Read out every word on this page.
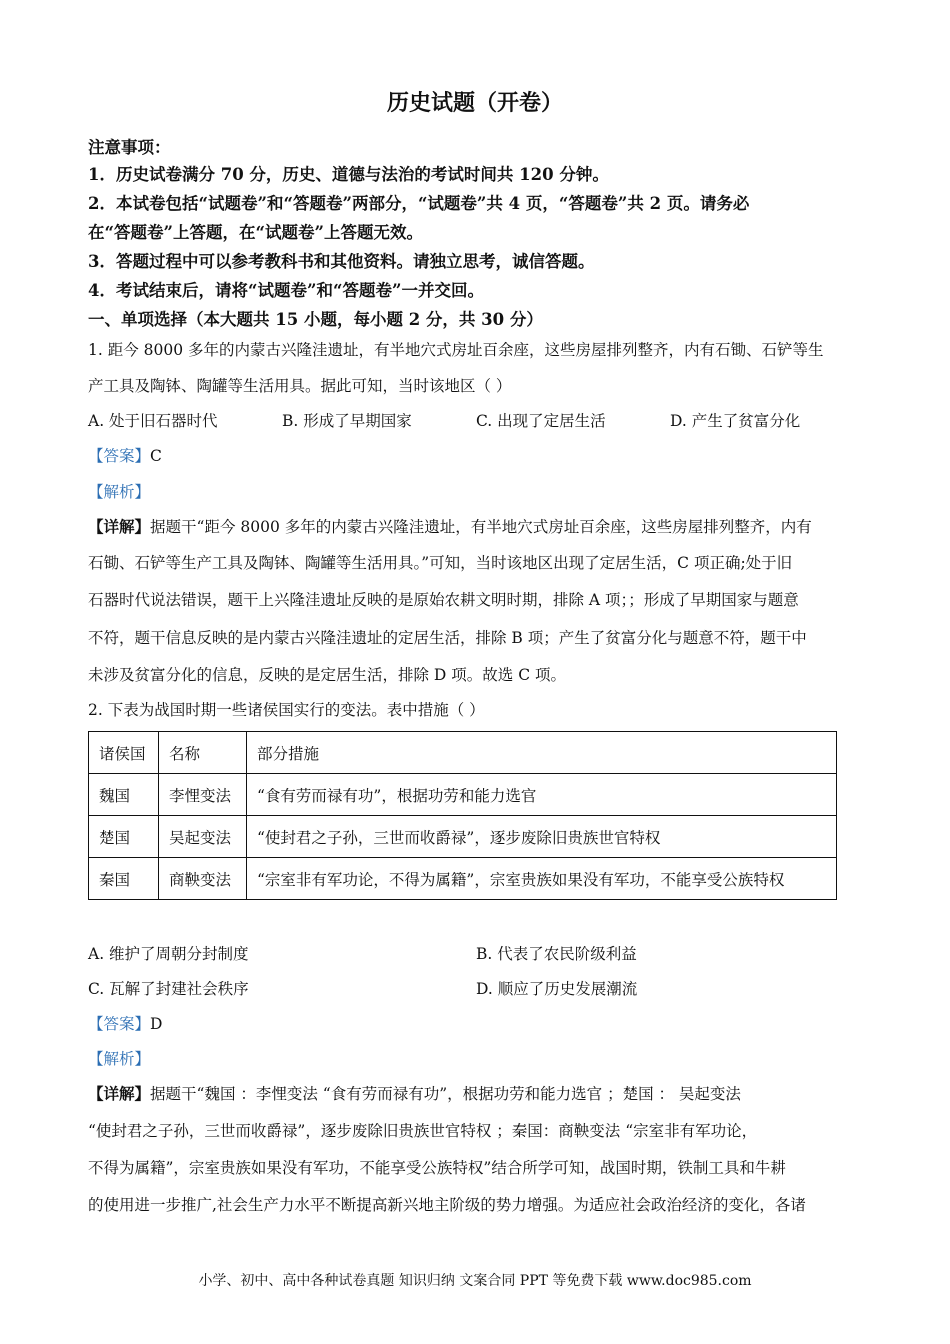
历史试题（开卷）
注意事项：
1．历史试卷满分 70 分，历史、道德与法治的考试时间共 120 分钟。
2．本试卷包括“试题卷”和“答题卷”两部分，“试题卷”共 4 页，“答题卷”共 2 页。请务必
在“答题卷”上答题，在“试题卷”上答题无效。
3．答题过程中可以参考教科书和其他资料。请独立思考，诚信答题。
4．考试结束后，请将“试题卷”和“答题卷”一并交回。
一、单项选择（本大题共 15 小题，每小题 2 分，共 30 分）
1. 距今 8000 多年的内蒙古兴隆洼遗址，有半地穴式房址百余座，这些房屋排列整齐，内有石锄、石铲等生
产工具及陶钵、陶罐等生活用具。据此可知，当时该地区（ ）
A. 处于旧石器时代	B. 形成了早期国家	C. 出现了定居生活	D. 产生了贫富分化
【答案】C
【解析】
【详解】据题干“距今 8000 多年的内蒙古兴隆洼遗址，有半地穴式房址百余座，这些房屋排列整齐，内有
石锄、石铲等生产工具及陶钵、陶罐等生活用具。”可知，当时该地区出现了定居生活，C 项正确;处于旧
石器时代说法错误，题干上兴隆洼遗址反映的是原始农耕文明时期，排除 A 项；；形成了早期国家与题意
不符，题干信息反映的是内蒙古兴隆洼遗址的定居生活，排除 B 项；产生了贫富分化与题意不符，题干中
未涉及贫富分化的信息，反映的是定居生活，排除 D 项。故选 C 项。
2. 下表为战国时期一些诸侯国实行的变法。表中措施（ ）
诸侯国	名称	部分措施
魏国	李悝变法	“食有劳而禄有功”，根据功劳和能力选官
楚国	吴起变法	“使封君之子孙，三世而收爵禄”，逐步废除旧贵族世官特权
秦国	商鞅变法	“宗室非有军功论，不得为属籍”，宗室贵族如果没有军功，不能享受公族特权
A. 维护了周朝分封制度	B. 代表了农民阶级利益
C. 瓦解了封建社会秩序	D. 顺应了历史发展潮流
【答案】D
【解析】
【详解】据题干“魏国 ：李悝变法 “食有劳而禄有功”，根据功劳和能力选官 ；楚国 ： 吴起变法
“使封君之子孙，三世而收爵禄”，逐步废除旧贵族世官特权 ；秦国：商鞅变法 “宗室非有军功论，
不得为属籍”，宗室贵族如果没有军功，不能享受公族特权”结合所学可知，战国时期，铁制工具和牛耕
的使用进一步推广,社会生产力水平不断提高新兴地主阶级的势力增强。为适应社会政治经济的变化，各诸
小学、初中、高中各种试卷真题 知识归纳 文案合同 PPT 等免费下载 www.doc985.com
